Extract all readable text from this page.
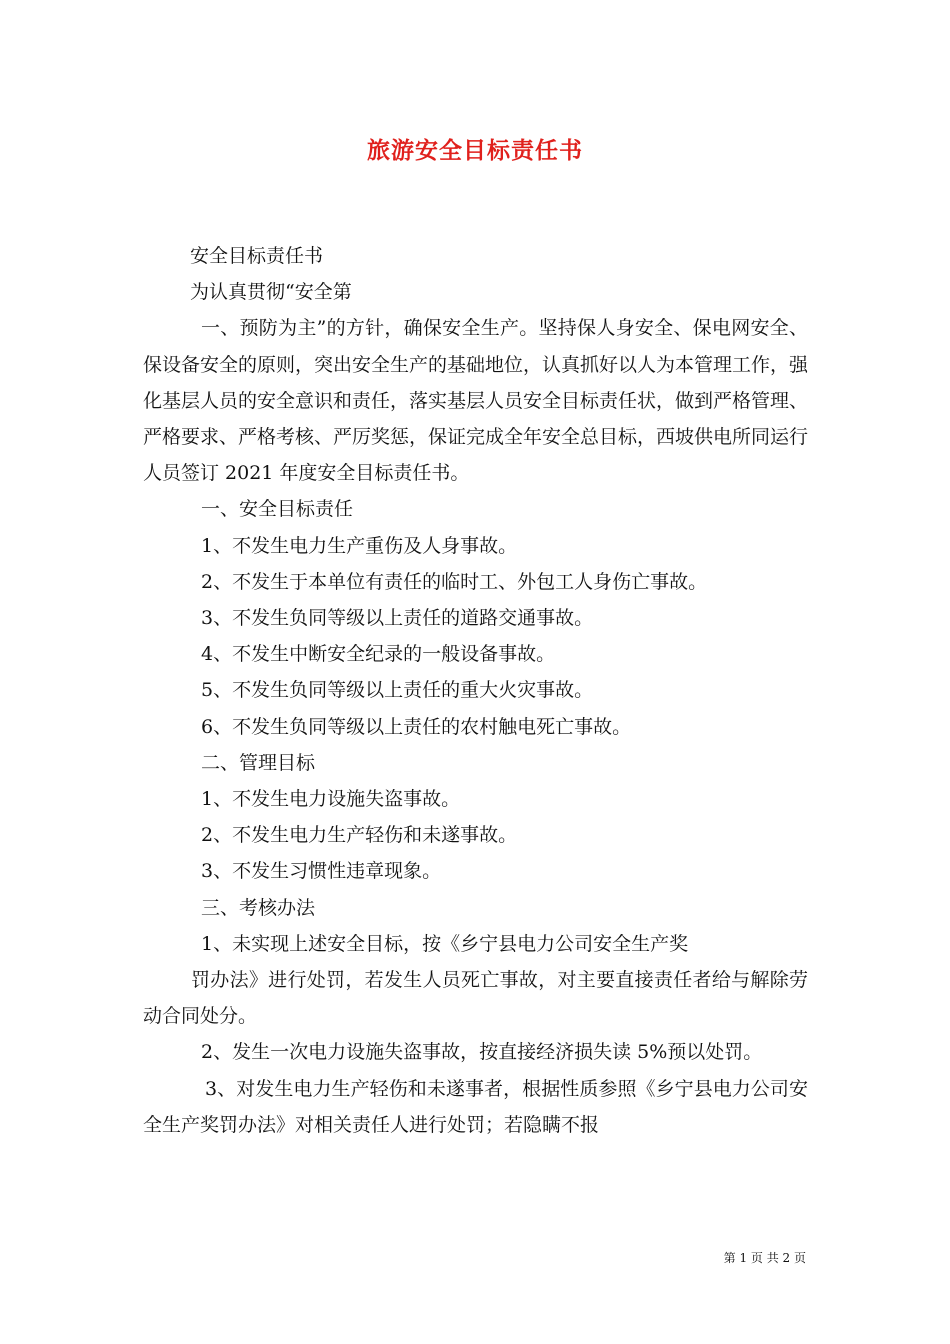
旅游安全目标责任书

安全目标责任书

为认真贯彻“安全第

一、预防为主”的方针，确保安全生产。坚持保人身安全、保电网安全、保设备安全的原则，突出安全生产的基础地位，认真抓好以人为本管理工作，强化基层人员的安全意识和责任，落实基层人员安全目标责任状，做到严格管理、严格要求、严格考核、严厉奖惩，保证完成全年安全总目标，西坡供电所同运行人员签订 2021 年度安全目标责任书。

一、安全目标责任

1、不发生电力生产重伤及人身事故。

2、不发生于本单位有责任的临时工、外包工人身伤亡事故。

3、不发生负同等级以上责任的道路交通事故。

4、不发生中断安全纪录的一般设备事故。

5、不发生负同等级以上责任的重大火灾事故。

6、不发生负同等级以上责任的农村触电死亡事故。

二、管理目标

1、不发生电力设施失盗事故。

2、不发生电力生产轻伤和未遂事故。

3、不发生习惯性违章现象。

三、考核办法

1、未实现上述安全目标，按《乡宁县电力公司安全生产奖

罚办法》进行处罚，若发生人员死亡事故，对主要直接责任者给与解除劳动合同处分。

2、发生一次电力设施失盗事故，按直接经济损失读 5%预以处罚。

3、对发生电力生产轻伤和未遂事者，根据性质参照《乡宁县电力公司安全生产奖罚办法》对相关责任人进行处罚；若隐瞒不报

第 1 页 共 2 页
